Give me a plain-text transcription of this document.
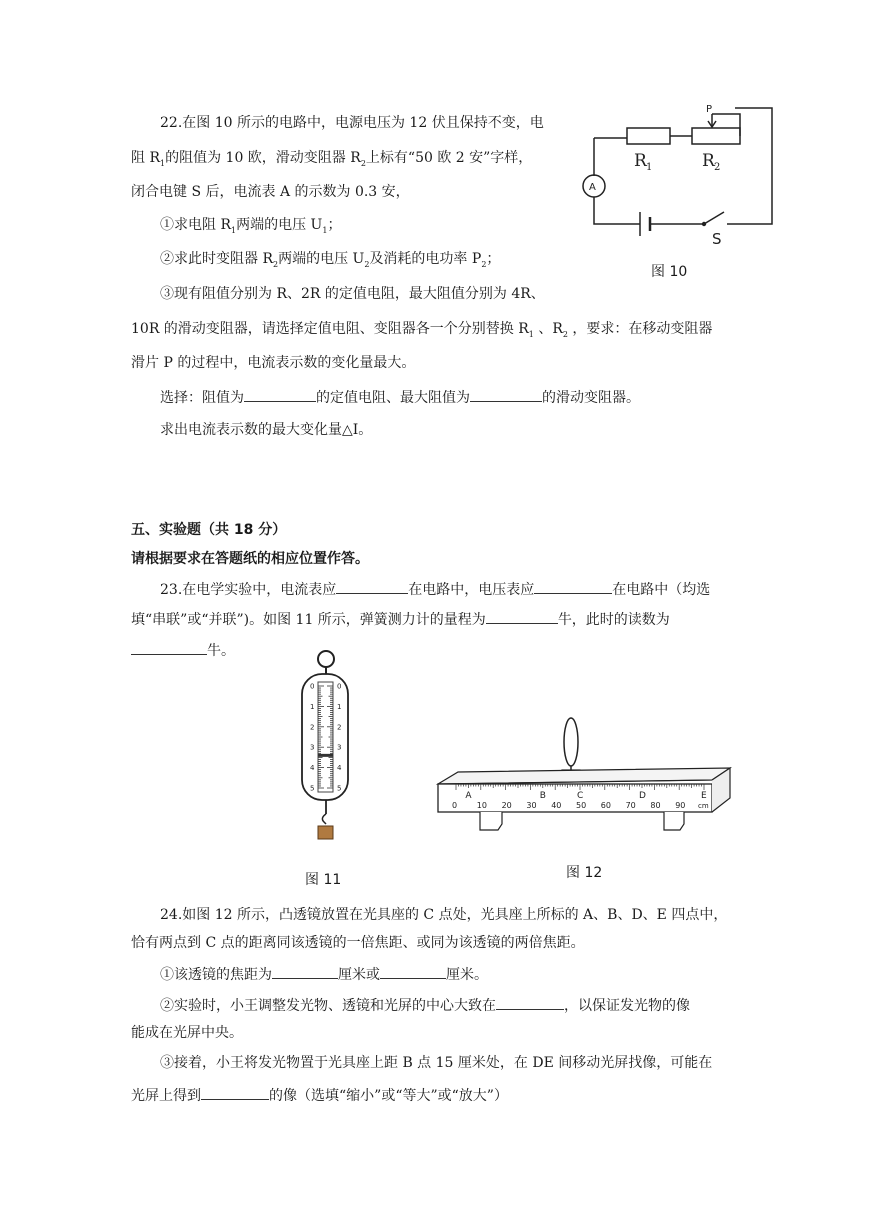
22.在图 10 所示的电路中，电源电压为 12 伏且保持不变，电
阻 $R_1$的阻值为 10 欧，滑动变阻器 $R_2$上标有“50 欧 2 安”字样，
闭合电键 S 后，电流表 A 的示数为 0.3 安，
①求电阻 $R_1$两端的电压 $U_1$；
②求此时变阻器 $R_2$两端的电压 $U_2$及消耗的电功率 $P_2$；
③现有阻值分别为 R、2R 的定值电阻，最大阻值分别为 4R、
10R 的滑动变阻器，请选择定值电阻、变阻器各一个分别替换 $R_1$ 、$R_2$ ，要求：在移动变阻器
滑片 P 的过程中，电流表示数的变化量最大。
选择：阻值为	的定值电阻、最大阻值为	的滑动变阻器。
求出电流表示数的最大变化量△I。
R 1	R 2
P
A
S
图 10
五、实验题（共 18 分）
请根据要求在答题纸的相应位置作答。
23.在电学实验中，电流表应	在电路中，电压表应	在电路中（均选
填“串联”或“并联”)。如图 11 所示，弹簧测力计的量程为	牛，此时的读数为
牛。
0	0
1	1
2	2
3	3
4	4
5	5
图 11
A	B	C	D	E
0 10 20 30 40 50 60 70 80 90 cm
图 12
24.如图 12 所示，凸透镜放置在光具座的 C 点处，光具座上所标的 A、B、D、E 四点中，
恰有两点到 C 点的距离同该透镜的一倍焦距、或同为该透镜的两倍焦距。
①该透镜的焦距为	厘米或	厘米。
②实验时，小王调整发光物、透镜和光屏的中心大致在	，以保证发光物的像
能成在光屏中央。
③接着，小王将发光物置于光具座上距 B 点 15 厘米处，在 DE 间移动光屏找像，可能在
光屏上得到	的像（选填“缩小”或“等大”或“放大”）
